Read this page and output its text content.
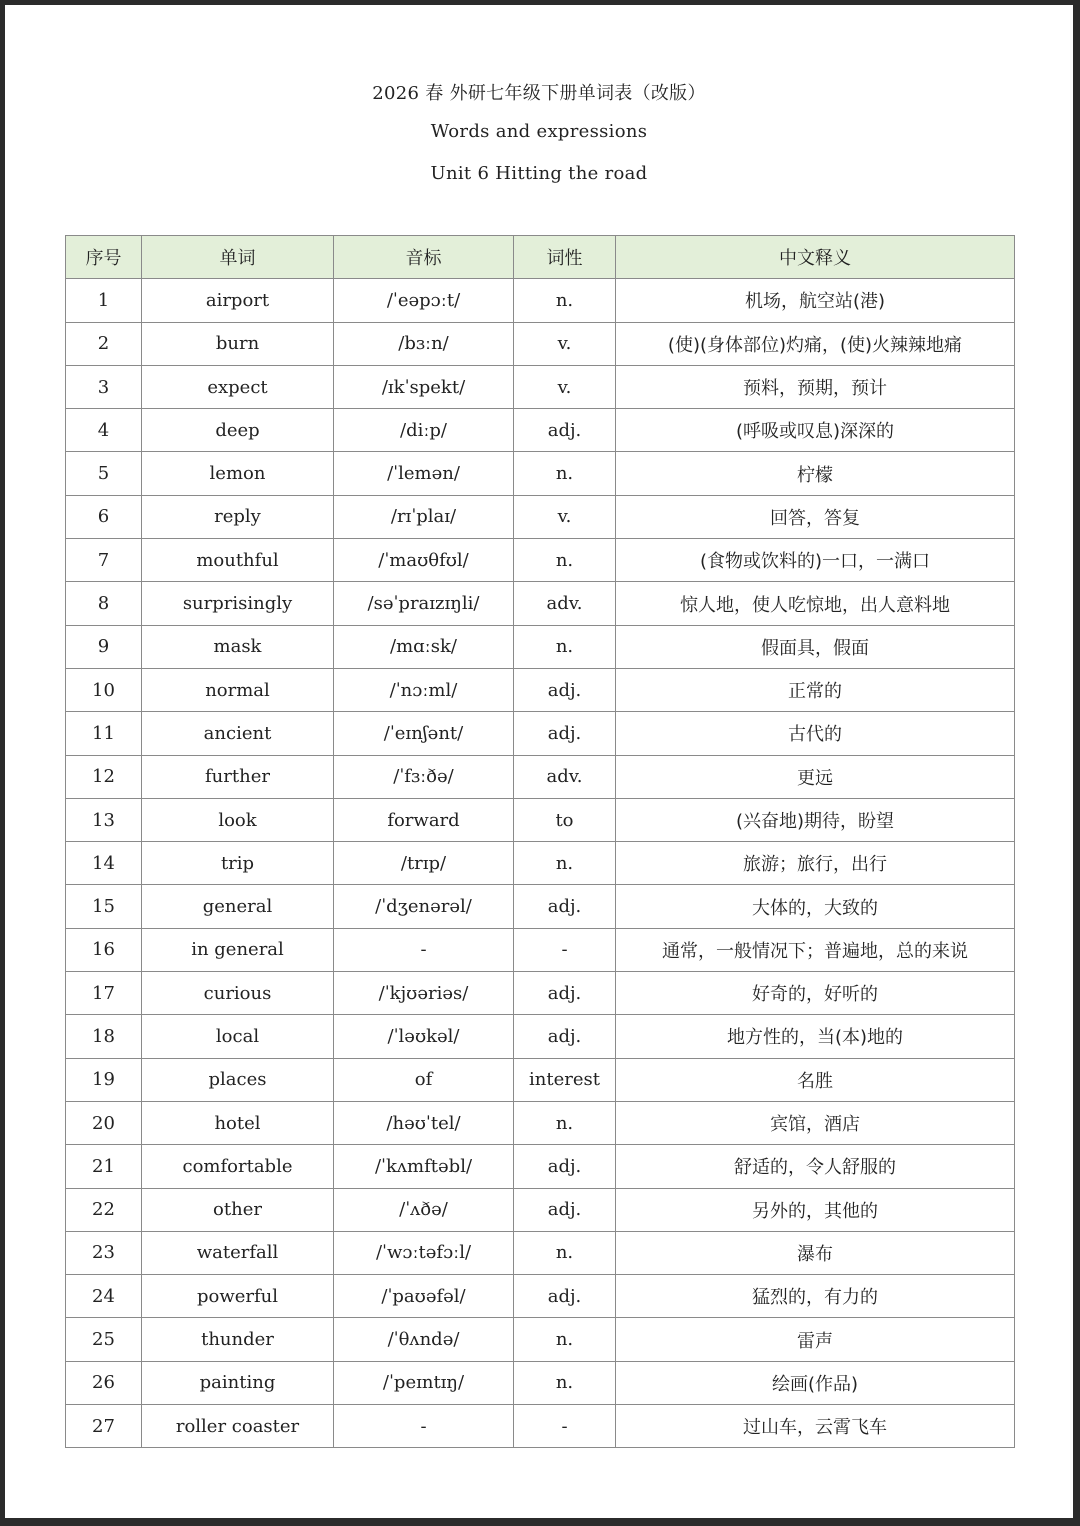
2026 春 外研七年级下册单词表（改版）
Words and expressions
Unit 6 Hitting the road
序号	单词	音标	词性	中文释义
1	airport	/ˈeəpɔːt/	n.	机场，航空站(港)
2	burn	/bɜːn/	v.	(使)(身体部位)灼痛，(使)火辣辣地痛
3	expect	/ɪkˈspekt/	v.	预料，预期，预计
4	deep	/diːp/	adj.	(呼吸或叹息)深深的
5	lemon	/ˈlemən/	n.	柠檬
6	reply	/rɪˈplaɪ/	v.	回答，答复
7	mouthful	/ˈmaʊθfʊl/	n.	(食物或饮料的)一口，一满口
8	surprisingly	/səˈpraɪzɪŋli/	adv.	惊人地，使人吃惊地，出人意料地
9	mask	/mɑːsk/	n.	假面具，假面
10	normal	/ˈnɔːml/	adj.	正常的
11	ancient	/ˈeɪnʃənt/	adj.	古代的
12	further	/ˈfɜːðə/	adv.	更远
13	look	forward	to	(兴奋地)期待，盼望
14	trip	/trɪp/	n.	旅游；旅行，出行
15	general	/ˈdʒenərəl/	adj.	大体的，大致的
16	in general	-	-	通常，一般情况下；普遍地，总的来说
17	curious	/ˈkjʊəriəs/	adj.	好奇的，好听的
18	local	/ˈləʊkəl/	adj.	地方性的，当(本)地的
19	places	of	interest	名胜
20	hotel	/həʊˈtel/	n.	宾馆，酒店
21	comfortable	/ˈkʌmftəbl/	adj.	舒适的，令人舒服的
22	other	/ˈʌðə/	adj.	另外的，其他的
23	waterfall	/ˈwɔːtəfɔːl/	n.	瀑布
24	powerful	/ˈpaʊəfəl/	adj.	猛烈的，有力的
25	thunder	/ˈθʌndə/	n.	雷声
26	painting	/ˈpeɪntɪŋ/	n.	绘画(作品)
27	roller coaster	-	-	过山车，云霄飞车
